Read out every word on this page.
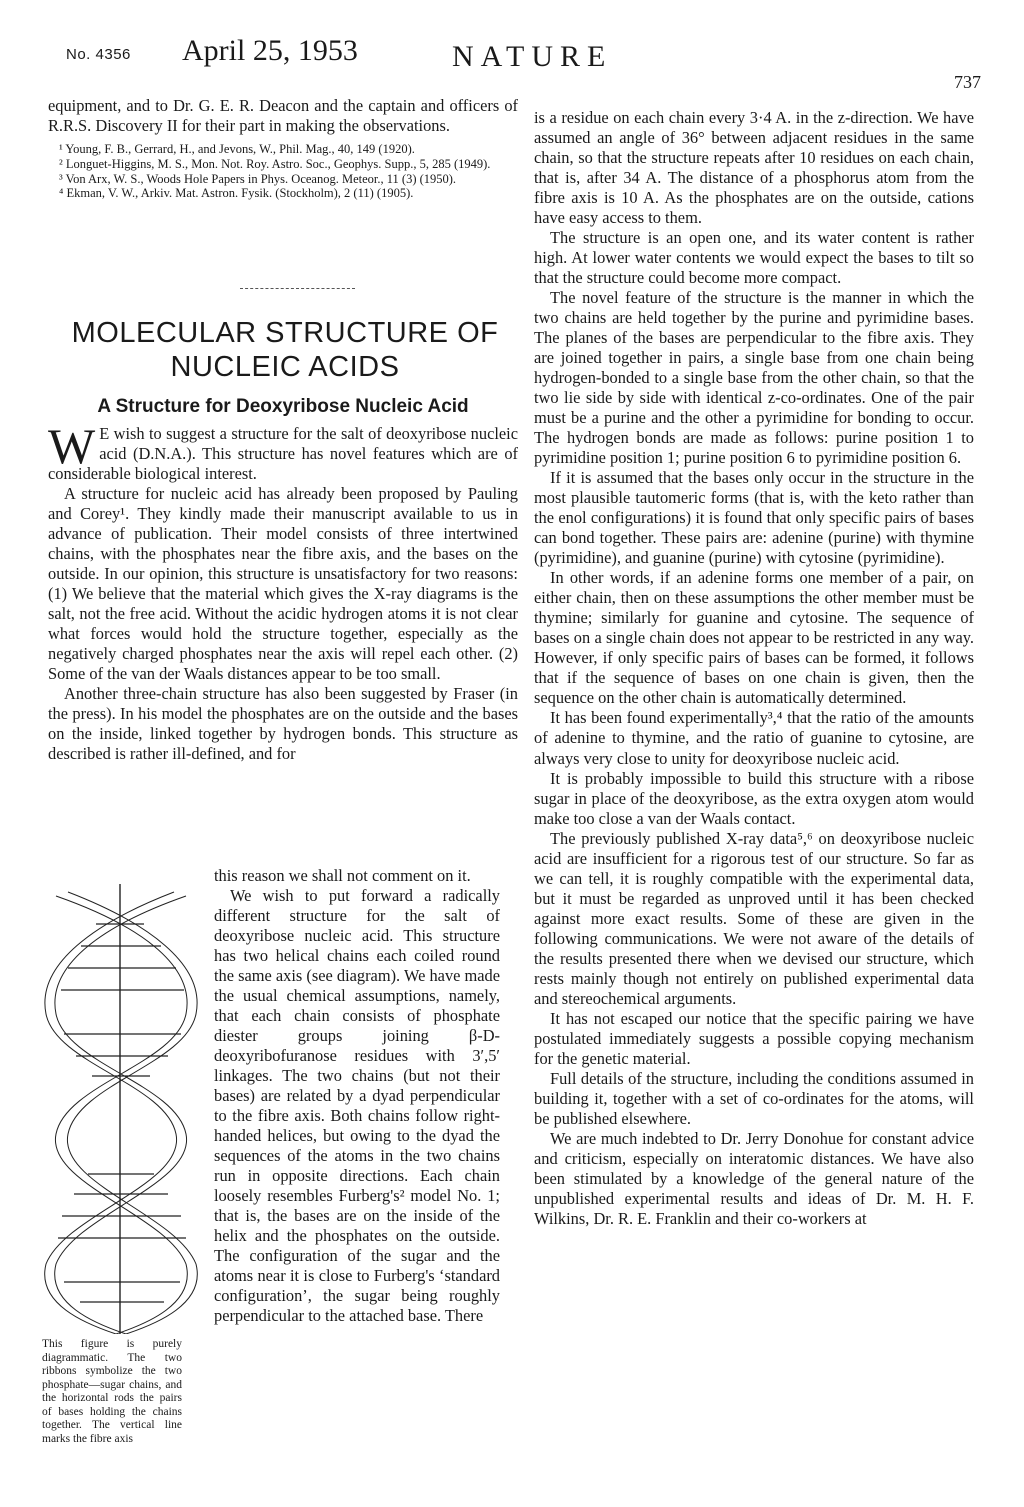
No. 4356 April 25, 1953	NATURE
737

equipment, and to Dr. G. E. R. Deacon and the captain and officers of R.R.S. Discovery II for their part in making the observations.

¹ Young, F. B., Gerrard, H., and Jevons, W., Phil. Mag., 40, 149 (1920).
² Longuet-Higgins, M. S., Mon. Not. Roy. Astro. Soc., Geophys. Supp., 5, 285 (1949).
³ Von Arx, W. S., Woods Hole Papers in Phys. Oceanog. Meteor., 11 (3) (1950).
⁴ Ekman, V. W., Arkiv. Mat. Astron. Fysik. (Stockholm), 2 (11) (1905).
MOLECULAR STRUCTURE OF
NUCLEIC ACIDS
A Structure for Deoxyribose Nucleic Acid

W E wish to suggest a structure for the salt of deoxyribose nucleic acid (D.N.A.). This structure has novel features which are of considerable biological interest.

A structure for nucleic acid has already been proposed by Pauling and Corey¹. They kindly made their manuscript available to us in advance of publication. Their model consists of three intertwined chains, with the phosphates near the fibre axis, and the bases on the outside. In our opinion, this structure is unsatisfactory for two reasons: (1) We believe that the material which gives the X-ray diagrams is the salt, not the free acid. Without the acidic hydrogen atoms it is not clear what forces would hold the structure together, especially as the negatively charged phosphates near the axis will repel each other. (2) Some of the van der Waals distances appear to be too small.

Another three-chain structure has also been suggested by Fraser (in the press). In his model the phosphates are on the outside and the bases on the inside, linked together by hydrogen bonds. This structure as described is rather ill-defined, and for

this reason we shall not comment on it.

We wish to put forward a radically different structure for the salt of deoxyribose nucleic acid. This structure has two helical chains each coiled round the same axis (see diagram). We have made the usual chemical assumptions, namely, that each chain consists of phosphate diester groups joining β-D-deoxyribofuranose residues with 3′,5′ linkages. The two chains (but not their bases) are related by a dyad perpendicular to the fibre axis. Both chains follow right-handed helices, but owing to the dyad the sequences of the atoms in the two chains run in opposite directions. Each chain loosely resembles Furberg's² model No. 1; that is, the bases are on the inside of the helix and the phosphates on the outside. The configuration of the sugar and the atoms near it is close to Furberg's ‘standard configuration’, the sugar being roughly perpendicular to the attached base. There

This figure is purely diagrammatic. The two ribbons symbolize the two phosphate—sugar chains, and the horizontal rods the pairs of bases holding the chains together. The vertical line marks the fibre axis

is a residue on each chain every 3·4 A. in the z-direction. We have assumed an angle of 36° between adjacent residues in the same chain, so that the structure repeats after 10 residues on each chain, that is, after 34 A. The distance of a phosphorus atom from the fibre axis is 10 A. As the phosphates are on the outside, cations have easy access to them.

The structure is an open one, and its water content is rather high. At lower water contents we would expect the bases to tilt so that the structure could become more compact.

The novel feature of the structure is the manner in which the two chains are held together by the purine and pyrimidine bases. The planes of the bases are perpendicular to the fibre axis. They are joined together in pairs, a single base from one chain being hydrogen-bonded to a single base from the other chain, so that the two lie side by side with identical z-co-ordinates. One of the pair must be a purine and the other a pyrimidine for bonding to occur. The hydrogen bonds are made as follows: purine position 1 to pyrimidine position 1; purine position 6 to pyrimidine position 6.

If it is assumed that the bases only occur in the structure in the most plausible tautomeric forms (that is, with the keto rather than the enol configurations) it is found that only specific pairs of bases can bond together. These pairs are: adenine (purine) with thymine (pyrimidine), and guanine (purine) with cytosine (pyrimidine).

In other words, if an adenine forms one member of a pair, on either chain, then on these assumptions the other member must be thymine; similarly for guanine and cytosine. The sequence of bases on a single chain does not appear to be restricted in any way. However, if only specific pairs of bases can be formed, it follows that if the sequence of bases on one chain is given, then the sequence on the other chain is automatically determined.

It has been found experimentally³,⁴ that the ratio of the amounts of adenine to thymine, and the ratio of guanine to cytosine, are always very close to unity for deoxyribose nucleic acid.

It is probably impossible to build this structure with a ribose sugar in place of the deoxyribose, as the extra oxygen atom would make too close a van der Waals contact.

The previously published X-ray data⁵,⁶ on deoxyribose nucleic acid are insufficient for a rigorous test of our structure. So far as we can tell, it is roughly compatible with the experimental data, but it must be regarded as unproved until it has been checked against more exact results. Some of these are given in the following communications. We were not aware of the details of the results presented there when we devised our structure, which rests mainly though not entirely on published experimental data and stereochemical arguments.

It has not escaped our notice that the specific pairing we have postulated immediately suggests a possible copying mechanism for the genetic material.

Full details of the structure, including the conditions assumed in building it, together with a set of co-ordinates for the atoms, will be published elsewhere.

We are much indebted to Dr. Jerry Donohue for constant advice and criticism, especially on interatomic distances. We have also been stimulated by a knowledge of the general nature of the unpublished experimental results and ideas of Dr. M. H. F. Wilkins, Dr. R. E. Franklin and their co-workers at
